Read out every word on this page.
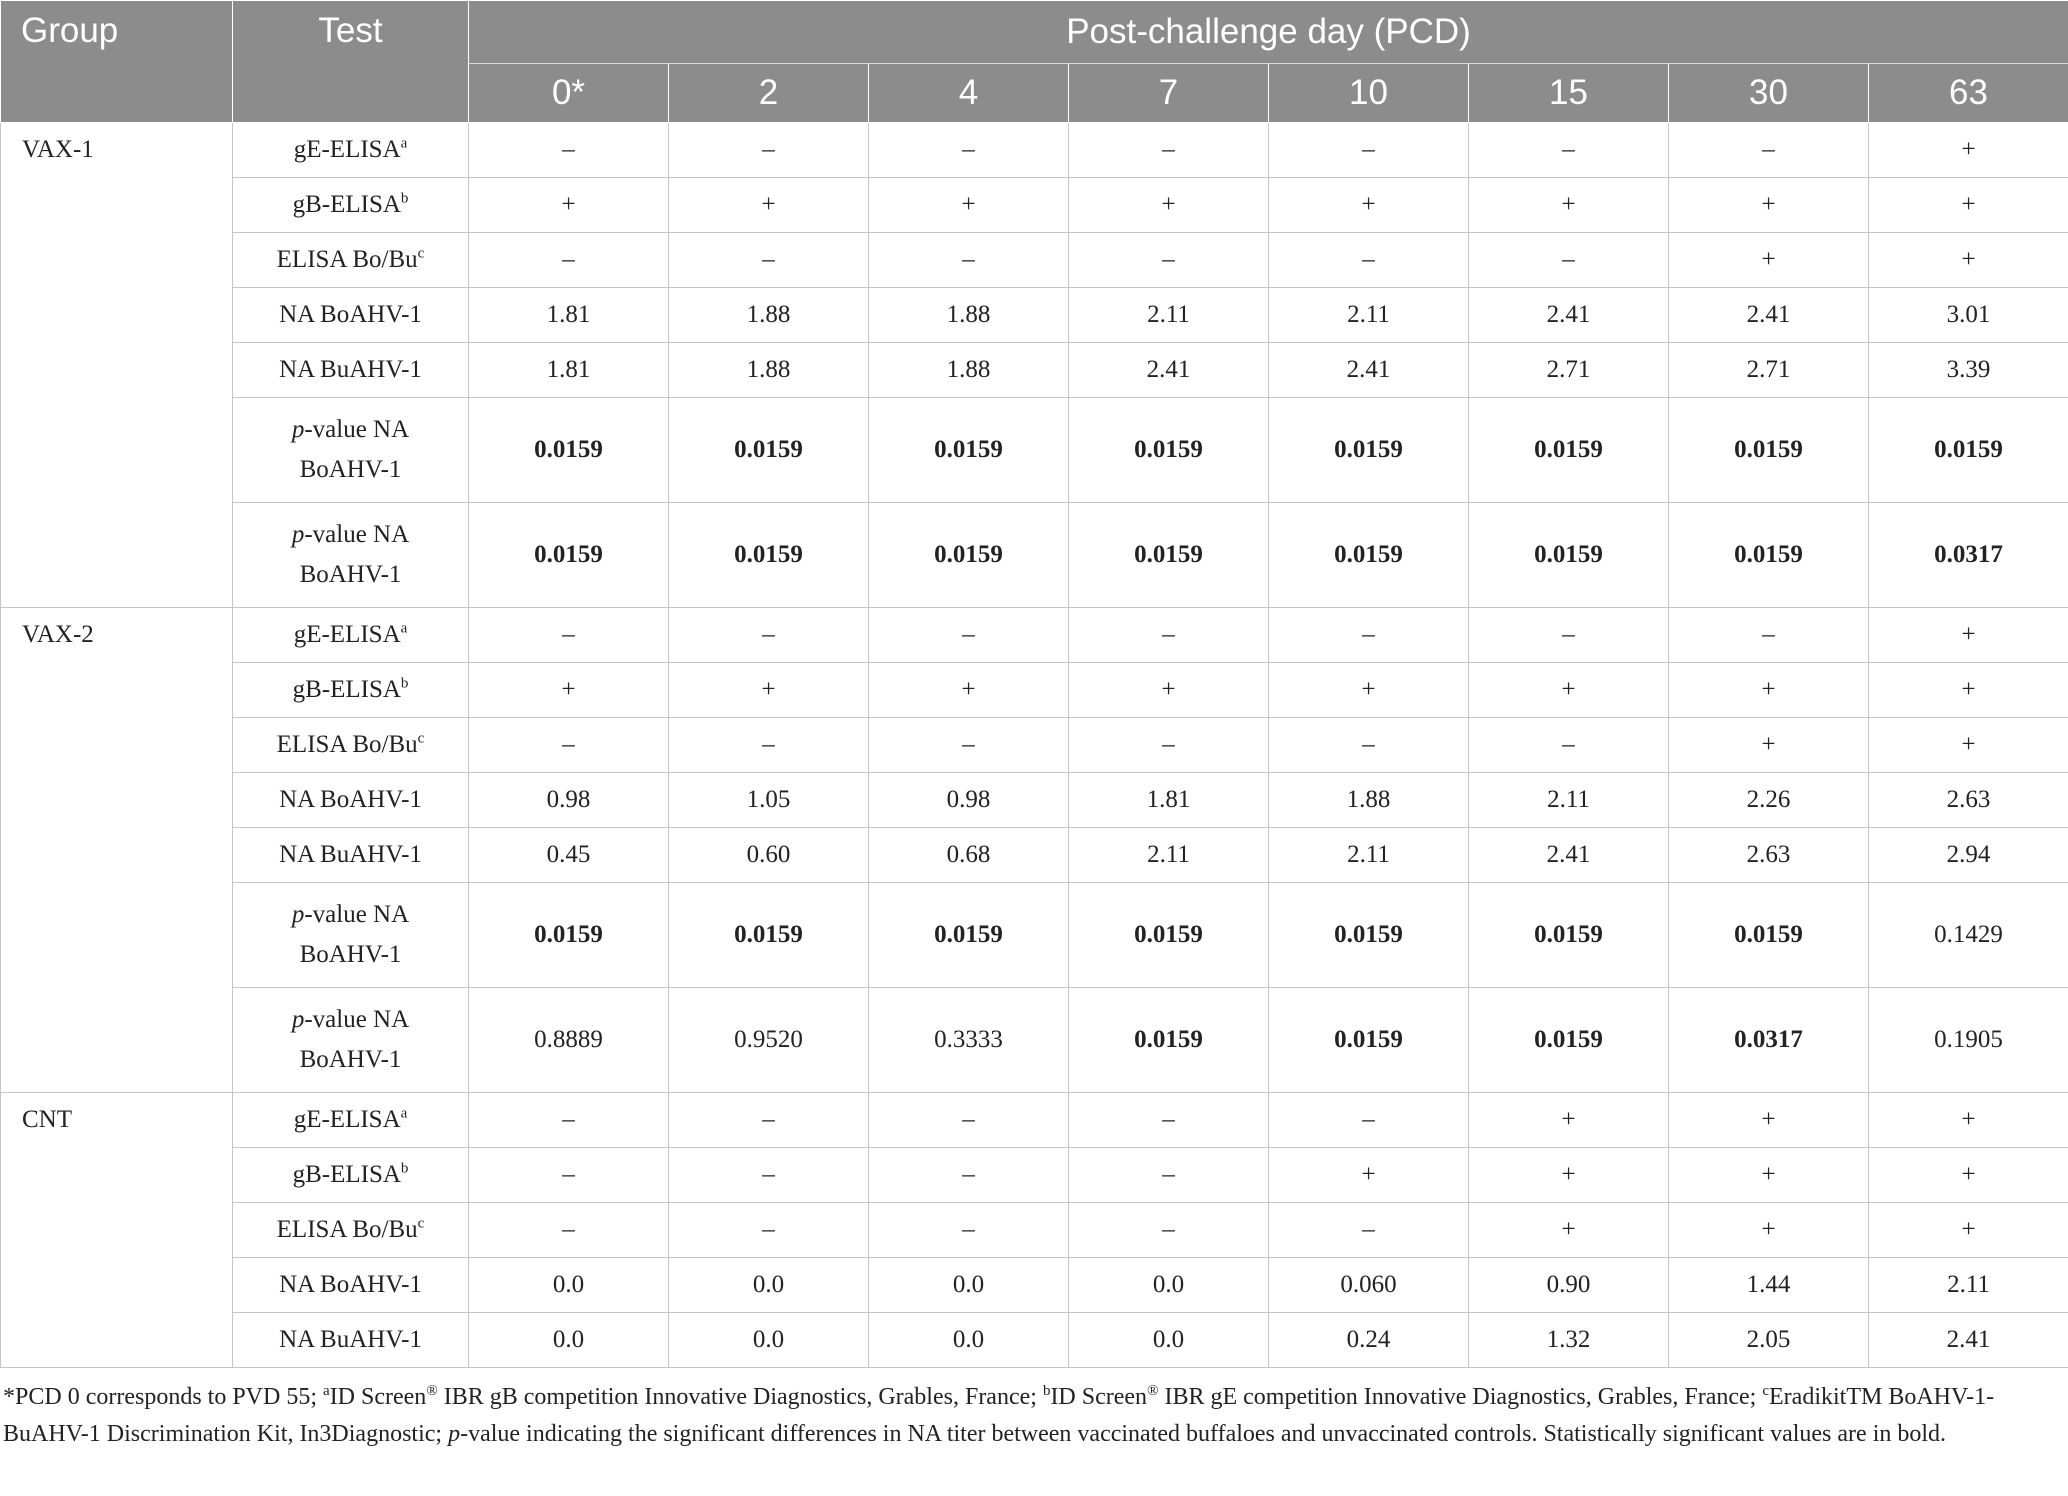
Group	Test	Post-challenge day (PCD)							
		0*	2	4	7	10	15	30	63
VAX-1	gE-ELISA$^a$	–	–	–	–	–	–	–	+
	$gB-ELISA^b$	+	+	+	+	+	+	+	+
	ELISA Bo/Bu$^c$	–	–	–	–	–	–	+	+
	NA BoAHV-1	1.81	1.88	1.88	2.11	2.11	2.41	2.41	3.01
	NA BuAHV-1	1.81	1.88	1.88	2.41	2.41	2.71	2.71	3.39
	p-value NA
BoAHV-1	0.0159	0.0159	0.0159	0.0159	0.0159	0.0159	0.0159	0.0159
	p-value NA
BoAHV-1	0.0159	0.0159	0.0159	0.0159	0.0159	0.0159	0.0159	0.0317
VAX-2	gE-ELISA$^a$	–	–	–	–	–	–	–	+
	$gB-ELISA^b$	+	+	+	+	+	+	+	+
	ELISA Bo/Bu$^c$	–	–	–	–	–	–	+	+
	NA BoAHV-1	0.98	1.05	0.98	1.81	1.88	2.11	2.26	2.63
	NA BuAHV-1	0.45	0.60	0.68	2.11	2.11	2.41	2.63	2.94
	p-value NA
BoAHV-1	0.0159	0.0159	0.0159	0.0159	0.0159	0.0159	0.0159	0.1429
	p-value NA
BoAHV-1	0.8889	0.9520	0.3333	0.0159	0.0159	0.0159	0.0317	0.1905
CNT	gE-ELISA$^a$	–	–	–	–	–	+	+	+
	gB-ELISA$^b$	–	–	–	–	+	+	+	+
	ELISA Bo/Bu$^c$	–	–	–	–	–	+	+	+
	NA BoAHV-1	0.0	0.0	0.0	0.0	0.060	0.90	1.44	2.11
	NA BuAHV-1	0.0	0.0	0.0	0.0	0.24	1.32	2.05	2.41

*PCD 0 corresponds to PVD 55; $^a$ID Screen® IBR gB competition Innovative Diagnostics, Grables, France; $^b$ID Screen® IBR gE competition Innovative Diagnostics, Grables, France; $^c$EradikitTM BoAHV-1-BuAHV-1 Discrimination Kit, In3Diagnostic; p-value indicating the significant differences in NA titer between vaccinated buffaloes and unvaccinated controls. Statistically significant values are in bold.
